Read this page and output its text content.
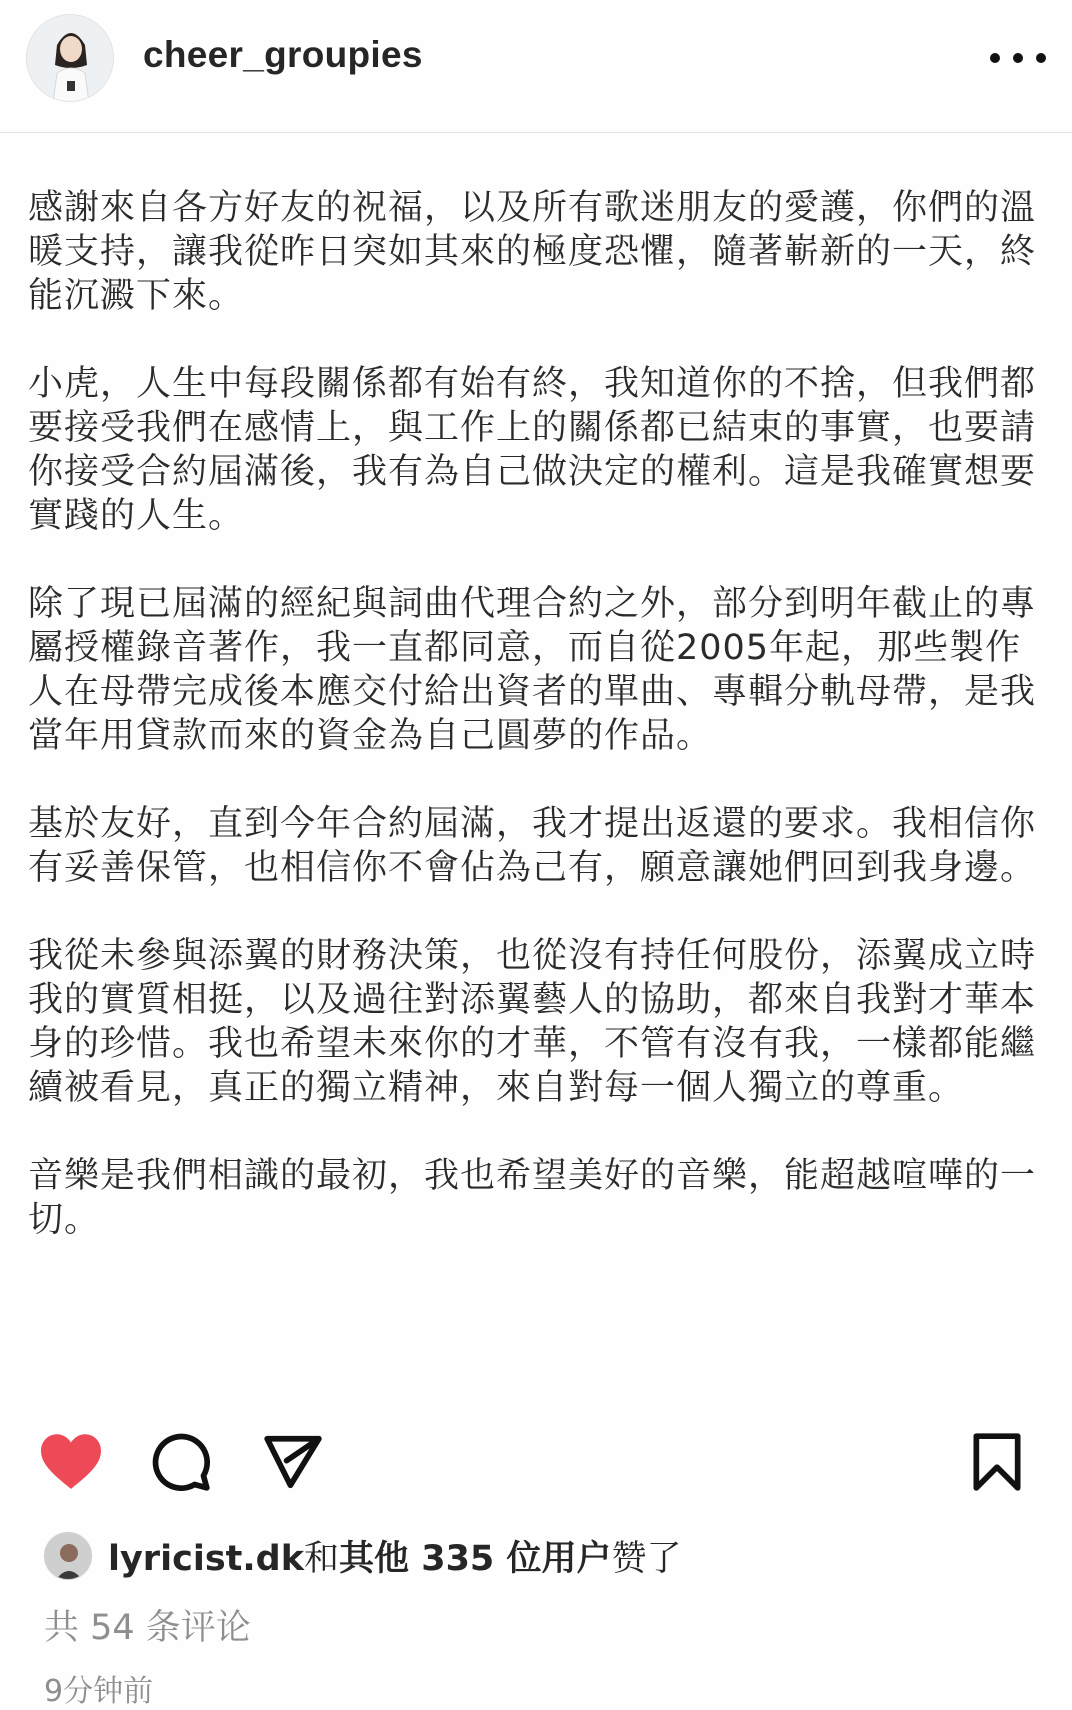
cheer_groupies

感謝來自各方好友的祝福，以及所有歌迷朋友的愛護，你們的溫暖支持，讓我從昨日突如其來的極度恐懼，隨著嶄新的一天，終能沉澱下來。

小虎，人生中每段關係都有始有終，我知道你的不捨，但我們都要接受我們在感情上，與工作上的關係都已結束的事實，也要請你接受合約屆滿後，我有為自己做決定的權利。這是我確實想要實踐的人生。

除了現已屆滿的經紀與詞曲代理合約之外，部分到明年截止的專屬授權錄音著作，我一直都同意，而自從2005年起，那些製作人在母帶完成後本應交付給出資者的單曲、專輯分軌母帶，是我當年用貸款而來的資金為自己圓夢的作品。

基於友好，直到今年合約屆滿，我才提出返還的要求。我相信你有妥善保管，也相信你不會佔為己有，願意讓她們回到我身邊。

我從未參與添翼的財務決策，也從沒有持任何股份，添翼成立時我的實質相挺，以及過往對添翼藝人的協助，都來自我對才華本身的珍惜。我也希望未來你的才華，不管有沒有我，一樣都能繼續被看見，真正的獨立精神，來自對每一個人獨立的尊重。

音樂是我們相識的最初，我也希望美好的音樂，能超越喧嘩的一切。

lyricist.dk和其他 335 位用户赞了
共 54 条评论
9分钟前
